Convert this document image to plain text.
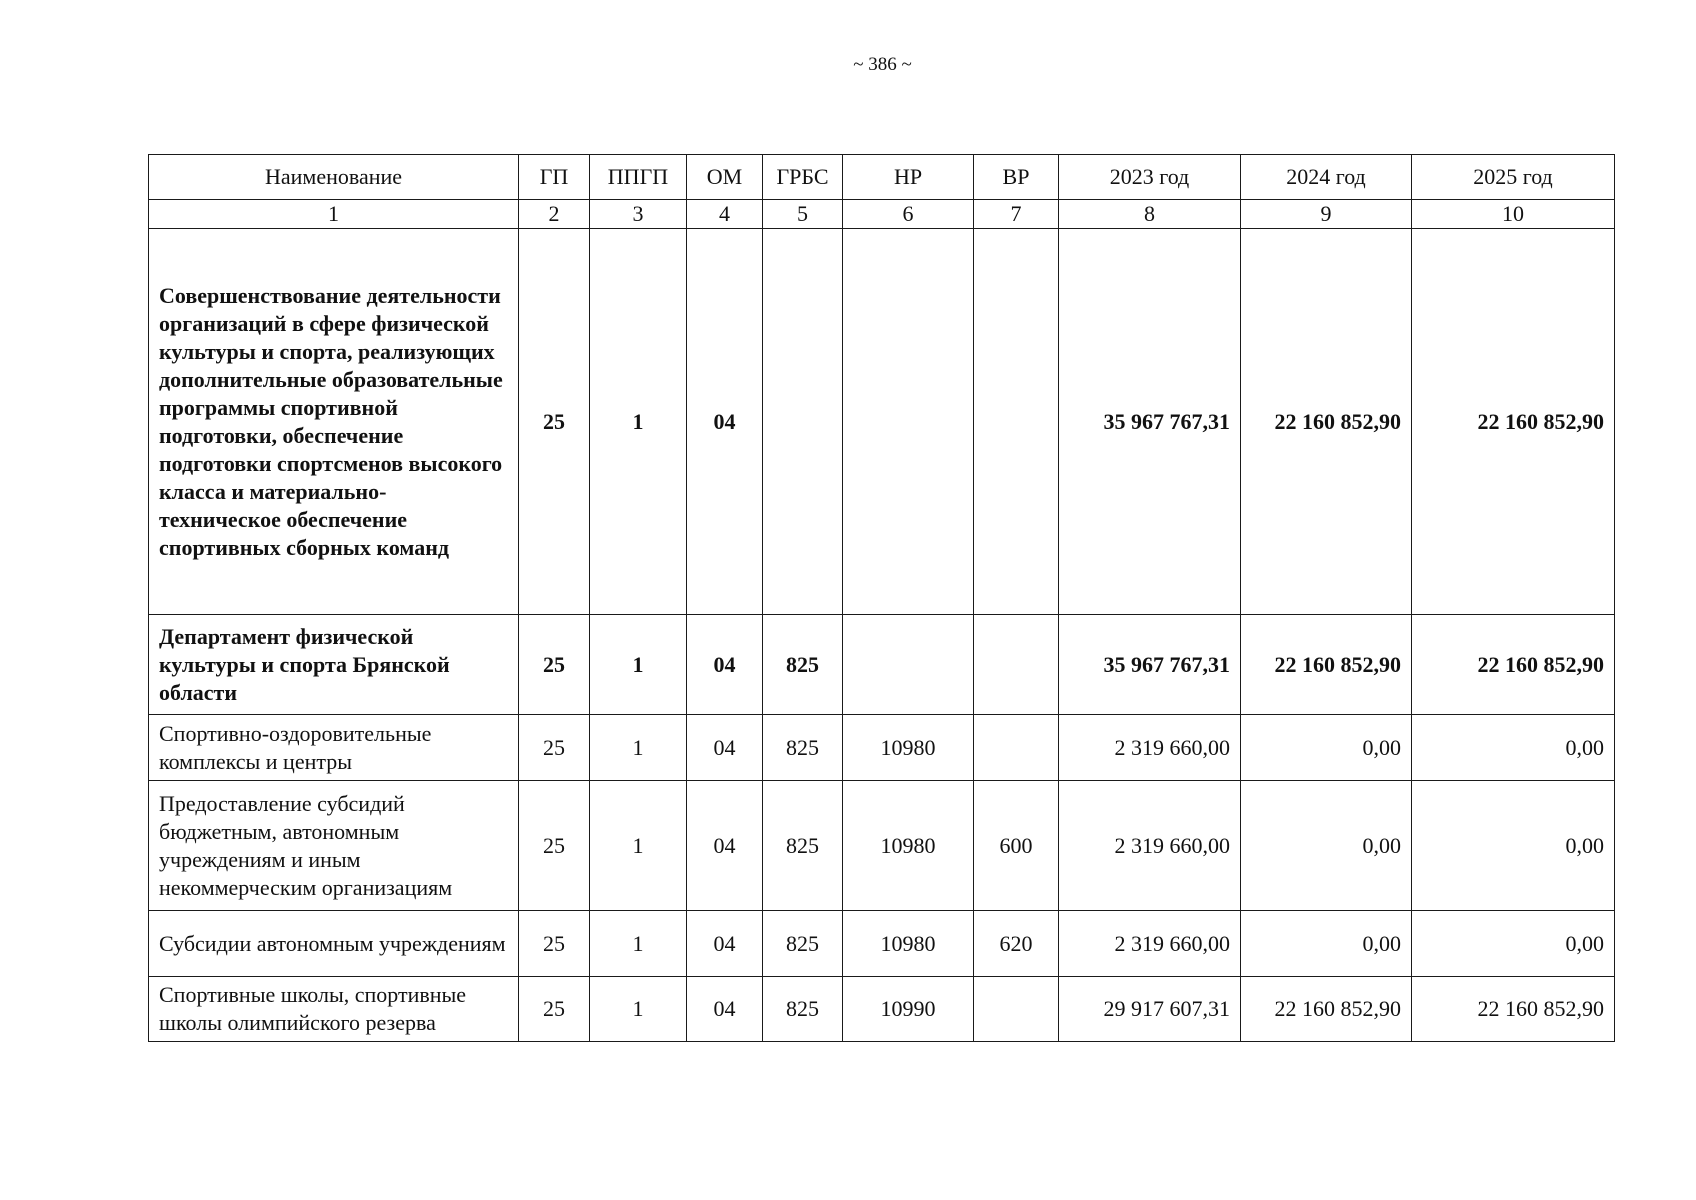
~ 386 ~
Наименование	ГП	ППГП	ОМ	ГРБС	НР	ВР	2023 год	2024 год	2025 год
1	2	3	4	5	6	7	8	9	10
Совершенствование деятельности организаций в сфере физической культуры и спорта, реализующих дополнительные образовательные программы спортивной подготовки, обеспечение подготовки спортсменов высокого класса и материально-техническое обеспечение спортивных сборных команд	25	1	04				35 967 767,31	22 160 852,90	22 160 852,90
Департамент физической культуры и спорта Брянской области	25	1	04	825			35 967 767,31	22 160 852,90	22 160 852,90
Спортивно-оздоровительные комплексы и центры	25	1	04	825	10980		2 319 660,00	0,00	0,00
Предоставление субсидий бюджетным, автономным учреждениям и иным некоммерческим организациям	25	1	04	825	10980	600	2 319 660,00	0,00	0,00
Субсидии автономным учреждениям	25	1	04	825	10980	620	2 319 660,00	0,00	0,00
Спортивные школы, спортивные школы олимпийского резерва	25	1	04	825	10990		29 917 607,31	22 160 852,90	22 160 852,90
